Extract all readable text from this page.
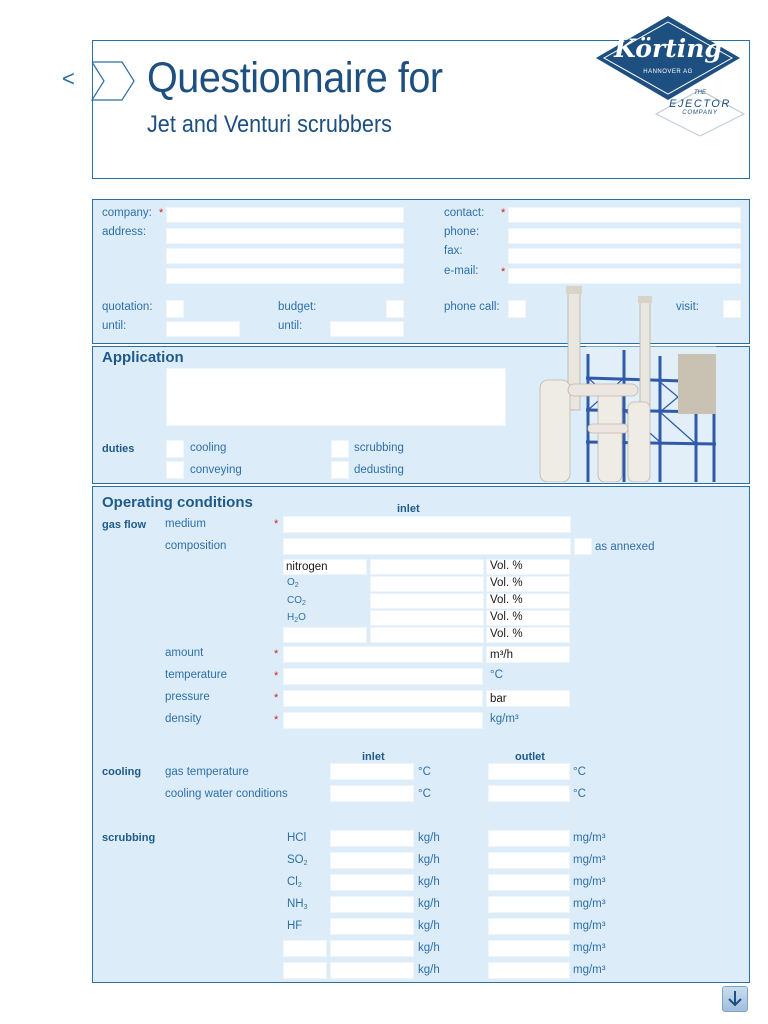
< Questionnaire for
Jet and Venturi scrubbers
Körting
HANNOVER AG
THE
EJECTOR
COMPANY
company: *
address:
contact: *
phone:
fax:
e-mail: *
quotation:
until:
budget:
until:
phone call:	visit:
Application
duties	cooling
conveying
scrubbing
dedusting
Operating conditions	inlet
gas flow medium	*
composition	as annexed
nitrogen	Vol. %
$O_2$	Vol. %
$CO_2$	Vol. %
$H_2O$	Vol. %
Vol. %
amount	*	m³/h
temperature	*	°C
pressure	*	bar
density	*	kg/m³
inlet	outlet
cooling gas temperature	°C	°C
cooling water conditions	°C	°C
scrubbing	HCl	kg/h	mg/m³
$SO_2$	kg/h	mg/m³
$Cl_2$	kg/h	mg/m³
$NH_3$	kg/h	mg/m³
HF	kg/h	mg/m³
kg/h	mg/m³
kg/h	mg/m³
